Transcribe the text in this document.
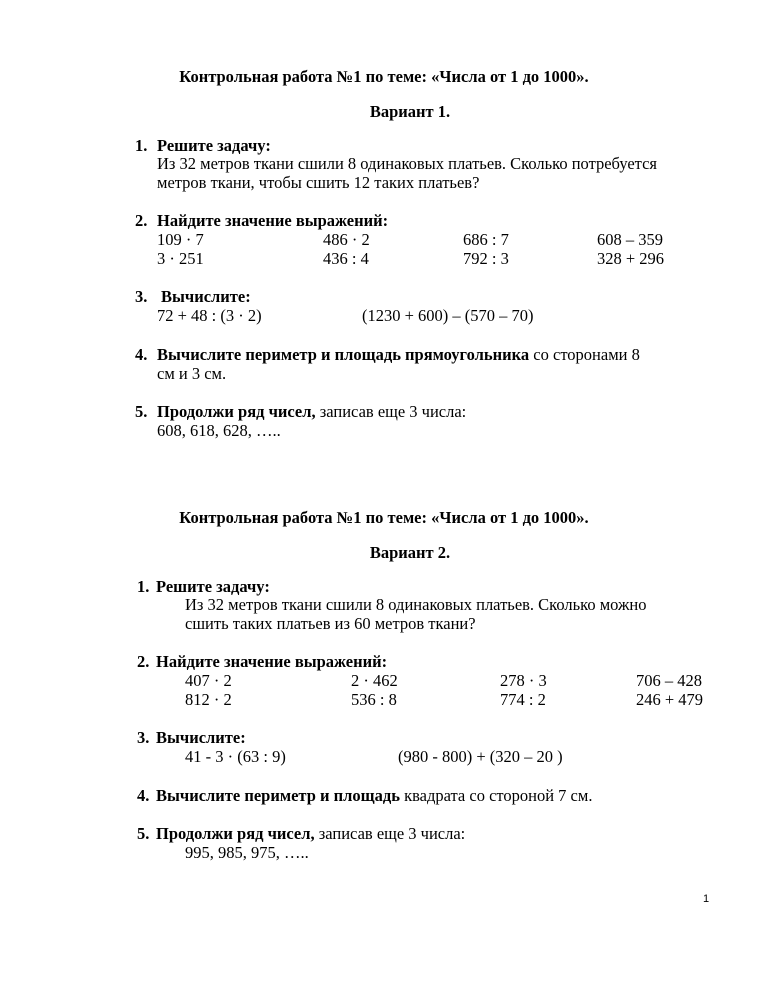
Контрольная работа №1 по теме: «Числа от 1 до 1000».
Вариант 1.
1. Решите задачу:
Из 32 метров ткани сшили 8 одинаковых платьев. Сколько потребуется
метров ткани, чтобы сшить 12 таких платьев?
2. Найдите значение выражений:
109 · 7	486 · 2	686 : 7	608 – 359
3 · 251	436 : 4	792 : 3	328 + 296
3. Вычислите:
72 + 48 : (3 · 2)	(1230 + 600) – (570 – 70)
4. Вычислите периметр и площадь прямоугольника со сторонами 8
см и 3 см.
5. Продолжи ряд чисел, записав еще 3 числа:
608, 618, 628, …..
Контрольная работа №1 по теме: «Числа от 1 до 1000».
Вариант 2.
1. Решите задачу:
Из 32 метров ткани сшили 8 одинаковых платьев. Сколько можно
сшить таких платьев из 60 метров ткани?
2. Найдите значение выражений:
407 · 2	2 · 462	278 · 3	706 – 428
812 · 2	536 : 8	774 : 2	246 + 479
3. Вычислите:
41 - 3 · (63 : 9)	(980 - 800) + (320 – 20 )
4. Вычислите периметр и площадь квадрата со стороной 7 см.
5. Продолжи ряд чисел, записав еще 3 числа:
995, 985, 975, …..
1
